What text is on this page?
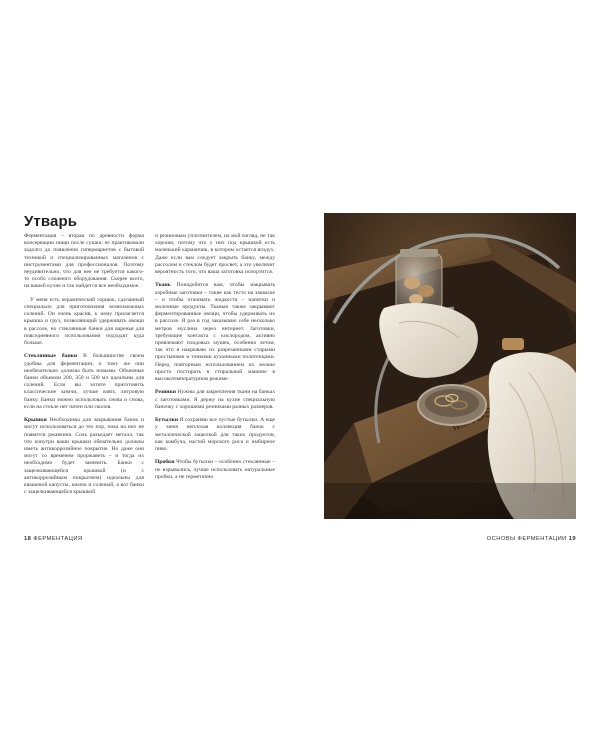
Утварь

Ферментация – вторая по древности форма консервации пищи после сушки: ее практиковали задолго до появления гипермаркетов с бытовой техникой и специализированных магазинов с инструментами для профессионалов. Поэтому неудивительно, что для нее не требуется какого-то особо сложного оборудования. Скорее всего, на вашей кухне и так найдется все необходимое.

У меня есть керамический горшок, сделанный специально для приготовления всевозможных солений. Он очень красив, к нему прилагается крышка и груз, позволяющий удерживать овощи в рассоле, но стеклянные банки для варенья для повседневного использования подходят куда больше.

Стеклянные банки В большинстве своем удобны для ферментации, к тому же они необязательно должны быть новыми. Объемные банки объемом 200, 350 и 500 мл идеальны для солений. Если вы хотите приготовить классические кимчи, лучше взять литровую банку. Банки можно использовать снова и снова, если на стекле нет пятен или сколов.

Крышки Необходимы для закрывания банок и могут использоваться до тех пор, пока на них не появится ржавчина. Соль разъедает металл, так что изнутри ваши крышки обязательно должны иметь антикоррозийное покрытие. Но даже они могут со временем проржаветь – и тогда их необходимо будет заменить. Банки с защелкивающейся крышкой (и с антикоррозийным покрытием) идеальны для квашеной капусты, кимчи и соленый, а вот банки с защелкивающейся крышкой

и резиновым уплотнителем, на мой взгляд, не так хороши, потому что у них под крышкой есть маленький карманчик, в котором остается воздух. Даже если вам следует закрыть банку, между рассолом и стеклом будет просвет, а это увеличит вероятность того, что ваша заготовка испортится.

Ткань Понадобится вам, чтобы накрывать аэробные заготовки – такие как тесто на закваске – и чтобы отжимать жидкости – напитки и молочные продукты. Тканью также закрывают ферментированные овощи, чтобы удерживать их в рассоле. Я раз в год заказываю себе несколько метров муслина через интернет. Заготовки, требующие контакта с кислородом, активно привлекают плодовых мушек, особенно летом, так что я накрываю их разрезанными старыми простынями и тонкими кухонными полотенцами. Перед повторным использованием их можно просто постирать в стиральной машине в высокотемпературном режиме.

Резинки Нужны для закрепления ткани на банках с заготовками. Я держу на кухне специальную баночку с хорошими резинками разных размеров.

Бутылки Я сохраняю все пустые бутылки. А еще у меня неплохая коллекция банок с металлической защелкой для таких продуктов, как комбуча, настой морского риса и имбирное пиво.

Пробки Чтобы бутылки – особенно стеклянные – не взрывались, лучше использовать натуральные пробки, а не герметично

18 ФЕРМЕНТАЦИЯ	ОСНОВЫ ФЕРМЕНТАЦИИ 19
